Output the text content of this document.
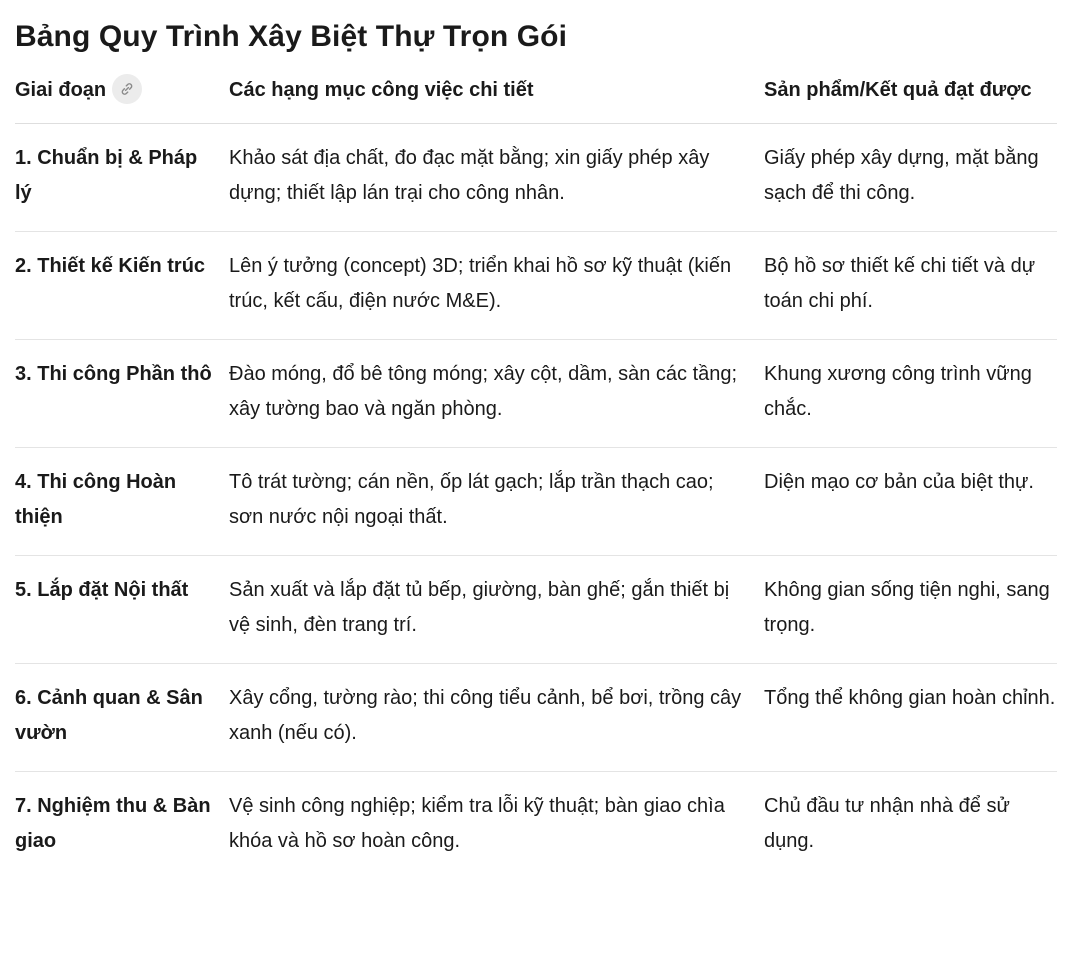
Bảng Quy Trình Xây Biệt Thự Trọn Gói
Giai đoạn	Các hạng mục công việc chi tiết	Sản phẩm/Kết quả đạt được
1. Chuẩn bị & Pháp lý	Khảo sát địa chất, đo đạc mặt bằng; xin giấy phép xây dựng; thiết lập lán trại cho công nhân.	Giấy phép xây dựng, mặt bằng sạch để thi công.
2. Thiết kế Kiến trúc	Lên ý tưởng (concept) 3D; triển khai hồ sơ kỹ thuật (kiến trúc, kết cấu, điện nước M&E).	Bộ hồ sơ thiết kế chi tiết và dự toán chi phí.
3. Thi công Phần thô	Đào móng, đổ bê tông móng; xây cột, dầm, sàn các tầng; xây tường bao và ngăn phòng.	Khung xương công trình vững chắc.
4. Thi công Hoàn thiện	Tô trát tường; cán nền, ốp lát gạch; lắp trần thạch cao; sơn nước nội ngoại thất.	Diện mạo cơ bản của biệt thự.
5. Lắp đặt Nội thất	Sản xuất và lắp đặt tủ bếp, giường, bàn ghế; gắn thiết bị vệ sinh, đèn trang trí.	Không gian sống tiện nghi, sang trọng.
6. Cảnh quan & Sân vườn	Xây cổng, tường rào; thi công tiểu cảnh, bể bơi, trồng cây xanh (nếu có).	Tổng thể không gian hoàn chỉnh.
7. Nghiệm thu & Bàn giao	Vệ sinh công nghiệp; kiểm tra lỗi kỹ thuật; bàn giao chìa khóa và hồ sơ hoàn công.	Chủ đầu tư nhận nhà để sử dụng.
